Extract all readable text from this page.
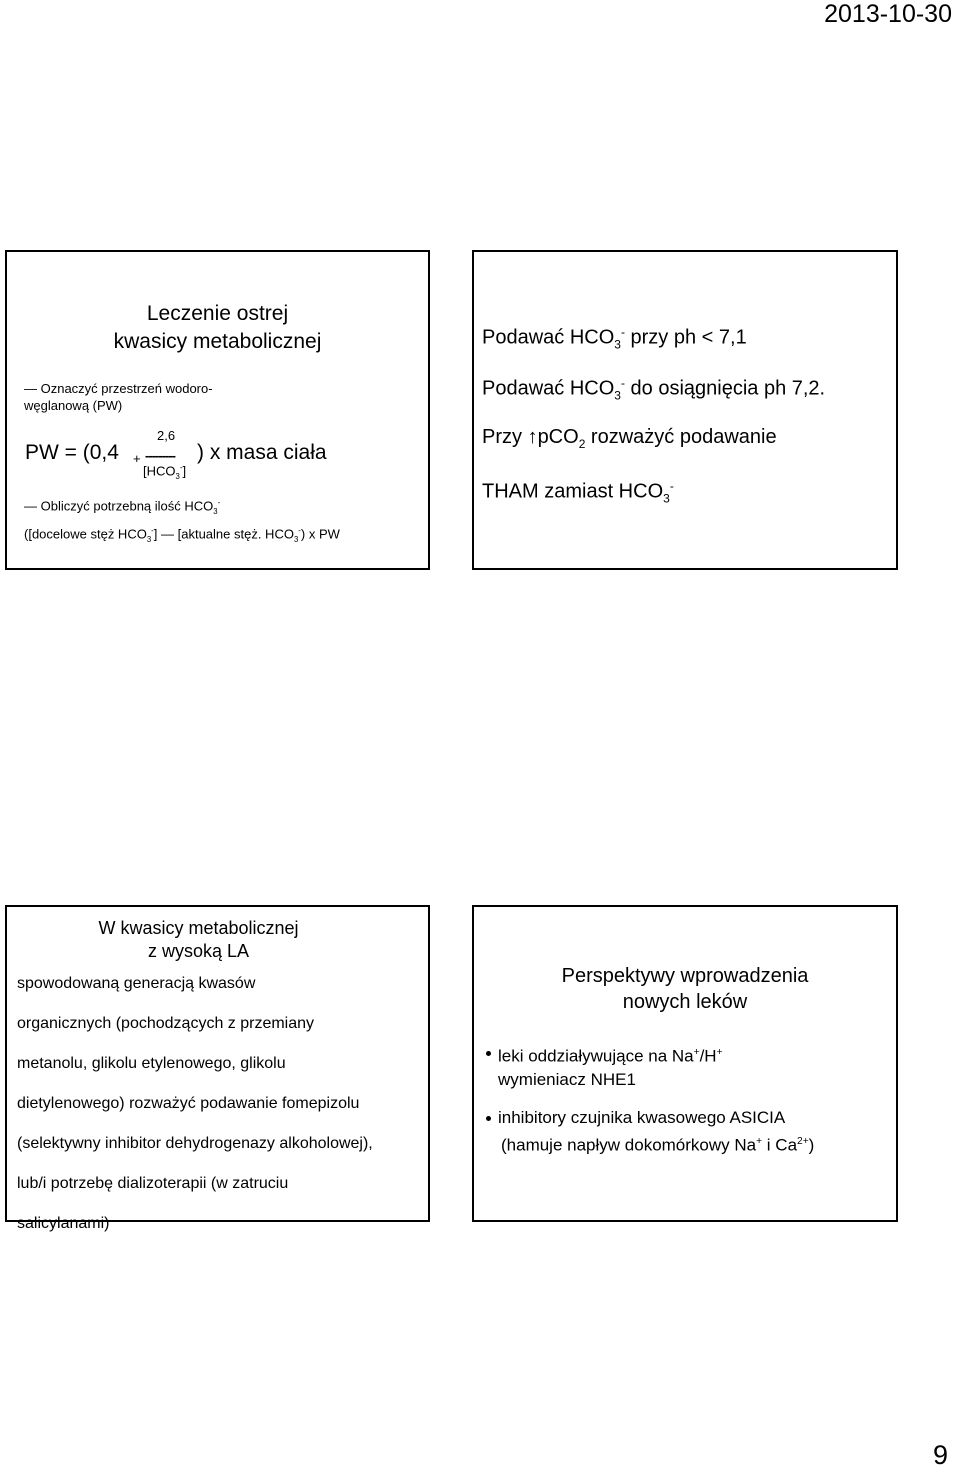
2013-10-30
Leczenie ostrej
kwasicy metabolicznej
— Oznaczyć przestrzeń wodoro-
węglanową (PW)
2,6
PW = (0,4 + --------- ) x masa ciała
$[HCO_3^-]$
— Obliczyć potrzebną ilość $HCO_3^-$
([docelowe stęż $HCO_3^-$] — [aktualne stęż. $HCO_3^-$) x PW
Podawać $HCO_3^-$ przy ph < 7,1
Podawać $HCO_3^-$ do osiągnięcia ph 7,2.
Przy ↑pCO$_2$ rozważyć podawanie
THAM zamiast $HCO_3^-$
W kwasicy metabolicznej
z wysoką LA
spowodowaną generacją kwasów
organicznych (pochodzących z przemiany
metanolu, glikolu etylenowego, glikolu
dietylenowego) rozważyć podawanie fomepizolu
(selektywny inhibitor dehydrogenazy alkoholowej),
lub/i potrzebę dializoterapii (w zatruciu
salicylanami)
Perspektywy wprowadzenia
nowych leków
leki oddziaływujące na Na+/H+
wymieniacz NHE1
inhibitory czujnika kwasowego ASICIA
(hamuje napływ dokomórkowy Na+ i $Ca^{2+}$)
9
